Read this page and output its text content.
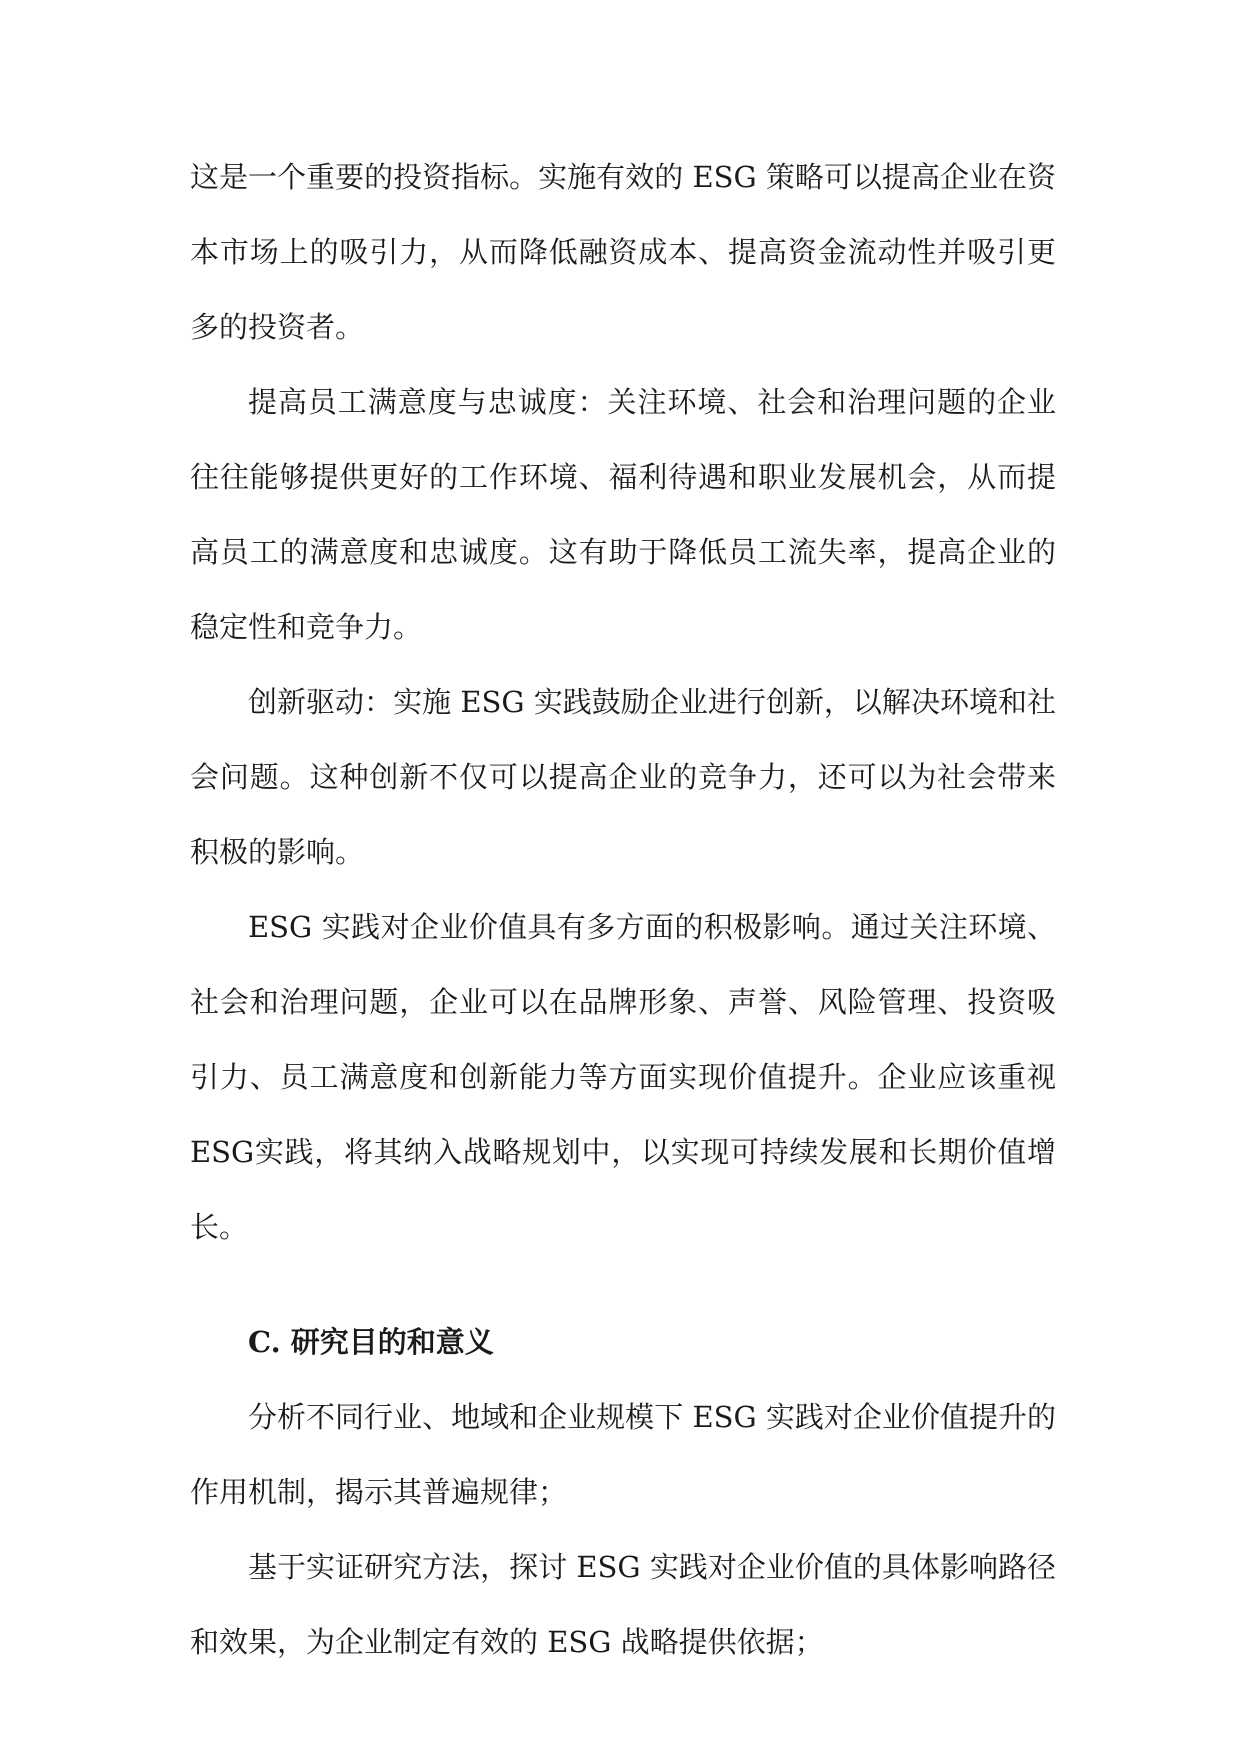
这是一个重要的投资指标。实施有效的 ESG 策略可以提高企业在资本市场上的吸引力，从而降低融资成本、提高资金流动性并吸引更多的投资者。

提高员工满意度与忠诚度：关注环境、社会和治理问题的企业往往能够提供更好的工作环境、福利待遇和职业发展机会，从而提高员工的满意度和忠诚度。这有助于降低员工流失率，提高企业的稳定性和竞争力。

创新驱动：实施 ESG 实践鼓励企业进行创新，以解决环境和社会问题。这种创新不仅可以提高企业的竞争力，还可以为社会带来积极的影响。

ESG 实践对企业价值具有多方面的积极影响。通过关注环境、社会和治理问题，企业可以在品牌形象、声誉、风险管理、投资吸引力、员工满意度和创新能力等方面实现价值提升。企业应该重视ESG实践，将其纳入战略规划中，以实现可持续发展和长期价值增长。

C. 研究目的和意义

分析不同行业、地域和企业规模下 ESG 实践对企业价值提升的作用机制，揭示其普遍规律；

基于实证研究方法，探讨 ESG 实践对企业价值的具体影响路径和效果，为企业制定有效的 ESG 战略提供依据；
